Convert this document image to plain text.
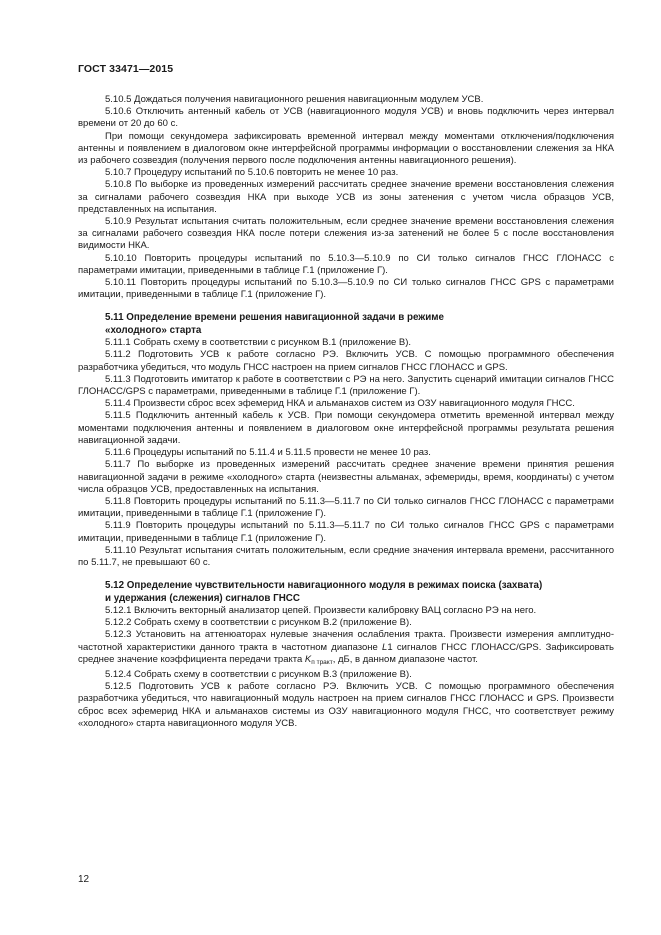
ГОСТ 33471—2015

5.10.5 Дождаться получения навигационного решения навигационным модулем УСВ.

5.10.6 Отключить антенный кабель от УСВ (навигационного модуля УСВ) и вновь подключить через интервал времени от 20 до 60 с.

При помощи секундомера зафиксировать временной интервал между моментами отключения/подключения антенны и появлением в диалоговом окне интерфейсной программы информации о восстановлении слежения за НКА из рабочего созвездия (получения первого после подключения антенны навигационного решения).

5.10.7 Процедуру испытаний по 5.10.6 повторить не менее 10 раз.

5.10.8 По выборке из проведенных измерений рассчитать среднее значение времени восстановления слежения за сигналами рабочего созвездия НКА при выходе УСВ из зоны затенения с учетом числа образцов УСВ, представленных на испытания.

5.10.9 Результат испытания считать положительным, если среднее значение времени восстановления слежения за сигналами рабочего созвездия НКА после потери слежения из-за затенений не более 5 с после восстановления видимости НКА.

5.10.10 Повторить процедуры испытаний по 5.10.3—5.10.9 по СИ только сигналов ГНСС ГЛОНАСС с параметрами имитации, приведенными в таблице Г.1 (приложение Г).

5.10.11 Повторить процедуры испытаний по 5.10.3—5.10.9 по СИ только сигналов ГНСС GPS с параметрами имитации, приведенными в таблице Г.1 (приложение Г).

5.11 Определение времени решения навигационной задачи в режиме
«холодного» старта

5.11.1 Собрать схему в соответствии с рисунком В.1 (приложение В).

5.11.2 Подготовить УСВ к работе согласно РЭ. Включить УСВ. С помощью программного обеспечения разработчика убедиться, что модуль ГНСС настроен на прием сигналов ГНСС ГЛОНАСС и GPS.

5.11.3 Подготовить имитатор к работе в соответствии с РЭ на него. Запустить сценарий имитации сигналов ГНСС ГЛОНАСС/GPS с параметрами, приведенными в таблице Г.1 (приложение Г).

5.11.4 Произвести сброс всех эфемерид НКА и альманахов систем из ОЗУ навигационного модуля ГНСС.

5.11.5 Подключить антенный кабель к УСВ. При помощи секундомера отметить временной интервал между моментами подключения антенны и появлением в диалоговом окне интерфейсной программы результата решения навигационной задачи.

5.11.6 Процедуры испытаний по 5.11.4 и 5.11.5 провести не менее 10 раз.

5.11.7 По выборке из проведенных измерений рассчитать среднее значение времени принятия решения навигационной задачи в режиме «холодного» старта (неизвестны альманах, эфемериды, время, координаты) с учетом числа образцов УСВ, предоставленных на испытания.

5.11.8 Повторить процедуры испытаний по 5.11.3—5.11.7 по СИ только сигналов ГНСС ГЛОНАСС с параметрами имитации, приведенными в таблице Г.1 (приложение Г).

5.11.9 Повторить процедуры испытаний по 5.11.3—5.11.7 по СИ только сигналов ГНСС GPS с параметрами имитации, приведенными в таблице Г.1 (приложение Г).

5.11.10 Результат испытания считать положительным, если средние значения интервала времени, рассчитанного по 5.11.7, не превышают 60 с.

5.12 Определение чувствительности навигационного модуля в режимах поиска (захвата)
и удержания (слежения) сигналов ГНСС

5.12.1 Включить векторный анализатор цепей. Произвести калибровку ВАЦ согласно РЭ на него.

5.12.2 Собрать схему в соответствии с рисунком В.2 (приложение В).

5.12.3 Установить на аттенюаторах нулевые значения ослабления тракта. Произвести измерения амплитудно-частотной характеристики данного тракта в частотном диапазоне L1 сигналов ГНСС ГЛОНАСС/GPS. Зафиксировать среднее значение коэффициента передачи тракта $K_{п тракт}$, дБ, в данном диапазоне частот.

5.12.4 Собрать схему в соответствии с рисунком В.3 (приложение В).

5.12.5 Подготовить УСВ к работе согласно РЭ. Включить УСВ. С помощью программного обеспечения разработчика убедиться, что навигационный модуль настроен на прием сигналов ГНСС ГЛОНАСС и GPS. Произвести сброс всех эфемерид НКА и альманахов системы из ОЗУ навигационного модуля ГНСС, что соответствует режиму «холодного» старта навигационного модуля УСВ.

12
